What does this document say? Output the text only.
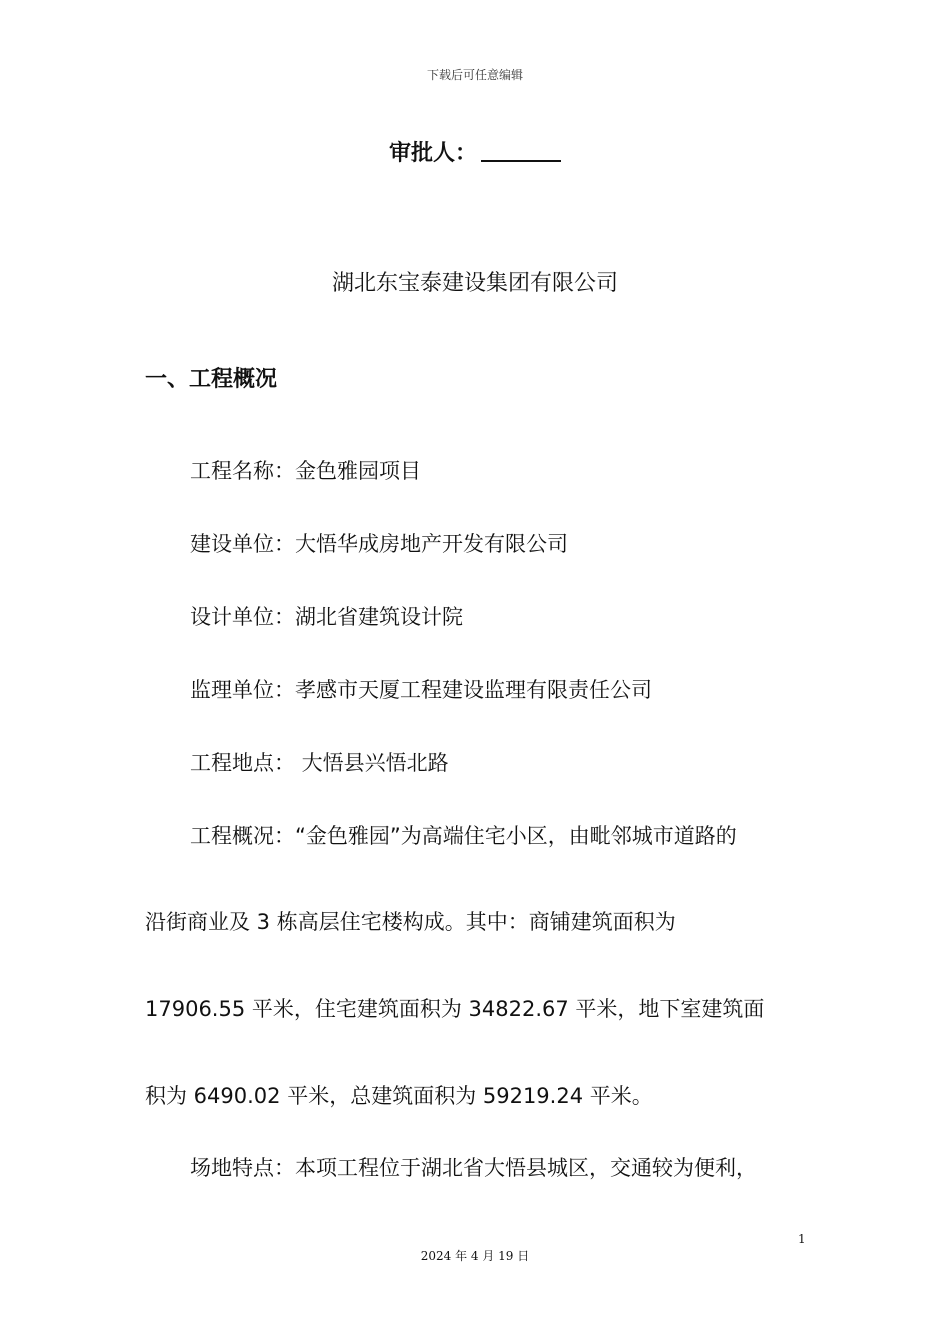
下载后可任意编辑
审批人：
湖北东宝泰建设集团有限公司
一、工程概况
工程名称：金色雅园项目
建设单位：大悟华成房地产开发有限公司
设计单位：湖北省建筑设计院
监理单位：孝感市天厦工程建设监理有限责任公司
工程地点： 大悟县兴悟北路
工程概况：“金色雅园”为高端住宅小区，由毗邻城市道路的
沿街商业及 3 栋高层住宅楼构成。其中：商铺建筑面积为
17906.55 平米，住宅建筑面积为 34822.67 平米，地下室建筑面
积为 6490.02 平米，总建筑面积为 59219.24 平米。
场地特点：本项工程位于湖北省大悟县城区，交通较为便利，
1
2024 年 4 月 19 日
